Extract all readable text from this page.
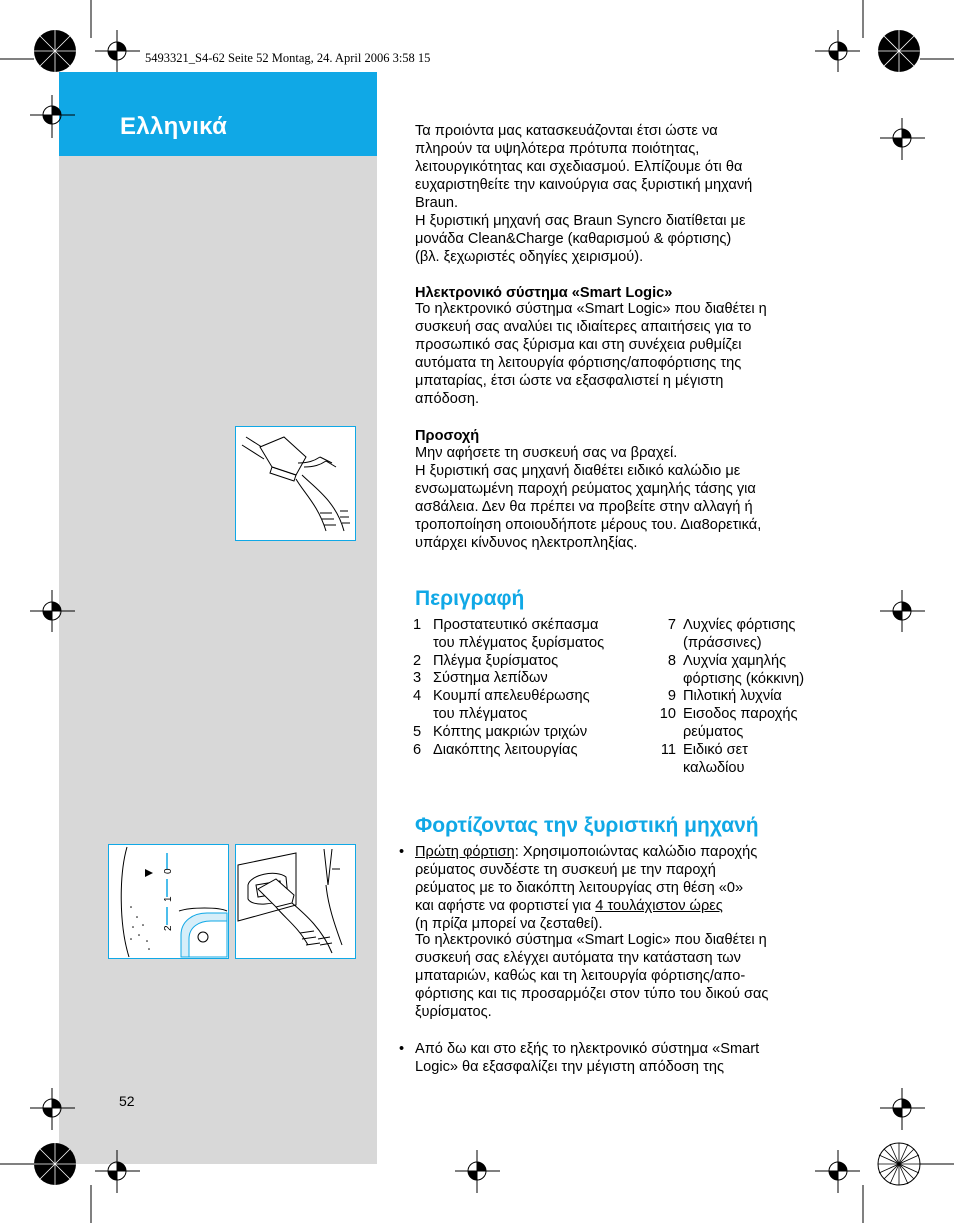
Ελληνικά
5493321_S4-62 Seite 52 Montag, 24. April 2006 3:58 15
Τα προιόντα μας κατασκευάζονται έτσι ώστε να
πληρούν τα υψηλότερα πρότυπα ποιότητας,
λειτουργικότητας και σχεδιασμού. Ελπίζουμε ότι θα
ευχαριστηθείτε την καινούργια σας ξυριστική μηχανή
Braun.
Η ξυριστική μηχανή σας Braun Syncro διατίθεται με
μονάδα Clean&Charge (καθαρισμού & φόρτισης)
(βλ. ξεχωριστές οδηγίες χειρισμού).
Ηλεκτρονικό σύστημα «Smart Logic»
Το ηλεκτρονικό σύστημα «Smart Logic» που διαθέτει η
συσκευή σας αναλύει τις ιδιαίτερες απαιτήσεις για το
προσωπικό σας ξύρισμα και στη συνέχεια ρυθμίζει
αυτόματα τη λειτουργία φόρτισης/αποφόρτισης της
μπαταρίας, έτσι ώστε να εξασφαλιστεί η μέγιστη
απόδοση.
Προσοχή
Μην αφήσετε τη συσκευή σας να βραχεί.
Η ξυριστική σας μηχανή διαθέτει ειδικό καλώδιο με
ενσωματωμένη παροχή ρεύματος χαμηλής τάσης για
ασ8άλεια. Δεν θα πρέπει να προβείτε στην αλλαγή ή
τροποποίηση οποιουδήποτε μέρους του. Δια8ορετικά,
υπάρχει κίνδυνος ηλεκτροπληξίας.
Περιγραφή
1 Προστατευτικό σκέπασμα
του πλέγματος ξυρίσματος
2 Πλέγμα ξυρίσματος
3 Σύστημα λεπίδων
4 Κουμπί απελευθέρωσης
του πλέγματος
5 Κόπτης μακριών τριχών
6 Διακόπτης λειτουργίας
7 Λυχνίες φόρτισης
(πράσσινες)
8 Λυχνία χαμηλής
φόρτισης (κόκκινη)
9 Πιλοτική λυχνία
10 Εισοδος παροχής
ρεύματος
11 Ειδικό σετ
καλωδίου
Φορτίζοντας την ξυριστική μηχανή
• Πρώτη φόρτιση: Χρησιμοποιώντας καλώδιο παροχής
ρεύματος συνδέστε τη συσκευή με την παροχή
ρεύματος με το διακόπτη λειτουργίας στη θέση «0»
και αφήστε να φορτιστεί για 4 τουλάχιστον ώρες
(η πρίζα μπορεί να ζεσταθεί).
Το ηλεκτρονικό σύστημα «Smart Logic» που διαθέτει η
συσκευή σας ελέγχει αυτόματα την κατάσταση των
μπαταριών, καθώς και τη λειτουργία φόρτισης/απο-
φόρτισης και τις προσαρμόζει στον τύπο του δικού σας
ξυρίσματος.
• Από δω και στο εξής το ηλεκτρονικό σύστημα «Smart
Logic» θα εξασφαλίζει την μέγιστη απόδοση της
0
1
2
52
